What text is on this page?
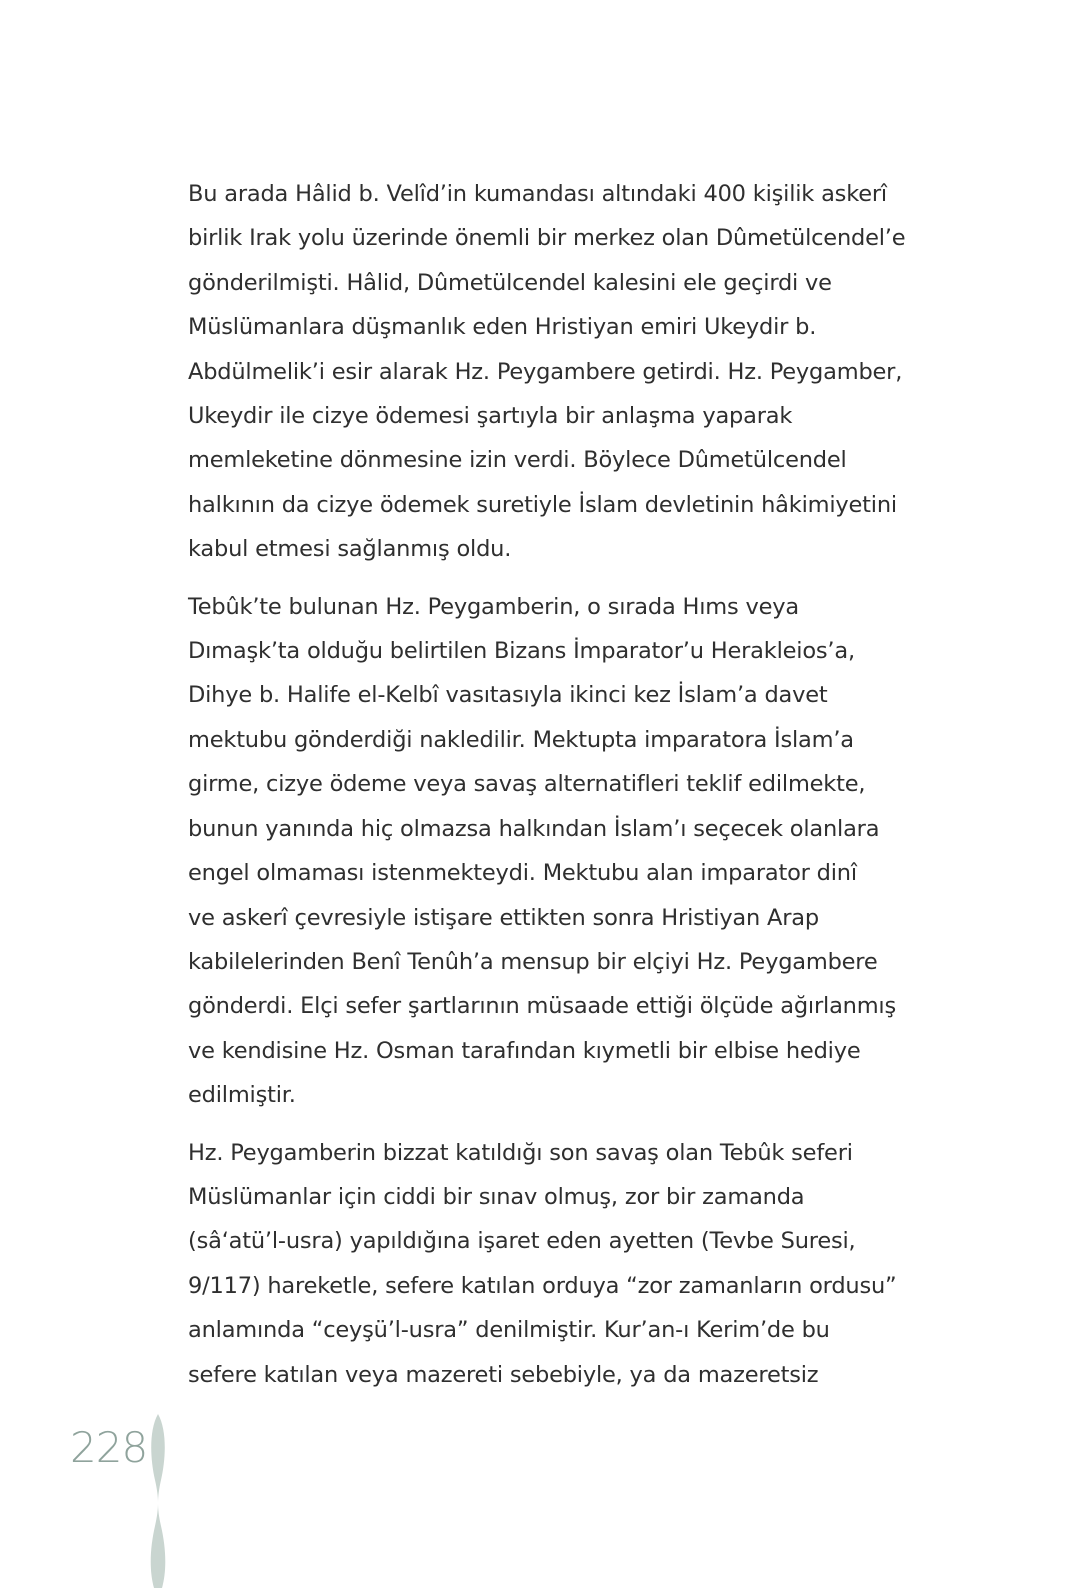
Bu arada Hâlid b. Velîd’in kumandası altındaki 400 kişilik askerî
birlik Irak yolu üzerinde önemli bir merkez olan Dûmetülcendel’e
gönderilmişti. Hâlid, Dûmetülcendel kalesini ele geçirdi ve
Müslümanlara düşmanlık eden Hristiyan emiri Ukeydir b.
Abdülmelik’i esir alarak Hz. Peygambere getirdi. Hz. Peygamber,
Ukeydir ile cizye ödemesi şartıyla bir anlaşma yaparak
memleketine dönmesine izin verdi. Böylece Dûmetülcendel
halkının da cizye ödemek suretiyle İslam devletinin hâkimiyetini
kabul etmesi sağlanmış oldu.
Tebûk’te bulunan Hz. Peygamberin, o sırada Hıms veya
Dımaşk’ta olduğu belirtilen Bizans İmparator’u Herakleios’a,
Dihye b. Halife el-Kelbî vasıtasıyla ikinci kez İslam’a davet
mektubu gönderdiği nakledilir. Mektupta imparatora İslam’a
girme, cizye ödeme veya savaş alternatifleri teklif edilmekte,
bunun yanında hiç olmazsa halkından İslam’ı seçecek olanlara
engel olmaması istenmekteydi. Mektubu alan imparator dinî
ve askerî çevresiyle istişare ettikten sonra Hristiyan Arap
kabilelerinden Benî Tenûh’a mensup bir elçiyi Hz. Peygambere
gönderdi. Elçi sefer şartlarının müsaade ettiği ölçüde ağırlanmış
ve kendisine Hz. Osman tarafından kıymetli bir elbise hediye
edilmiştir.
Hz. Peygamberin bizzat katıldığı son savaş olan Tebûk seferi
Müslümanlar için ciddi bir sınav olmuş, zor bir zamanda
(sâ‘atü’l-usra) yapıldığına işaret eden ayetten (Tevbe Suresi,
9/117) hareketle, sefere katılan orduya “zor zamanların ordusu”
anlamında “ceyşü’l-usra” denilmiştir. Kur’an-ı Kerim’de bu
sefere katılan veya mazereti sebebiyle, ya da mazeretsiz
228
